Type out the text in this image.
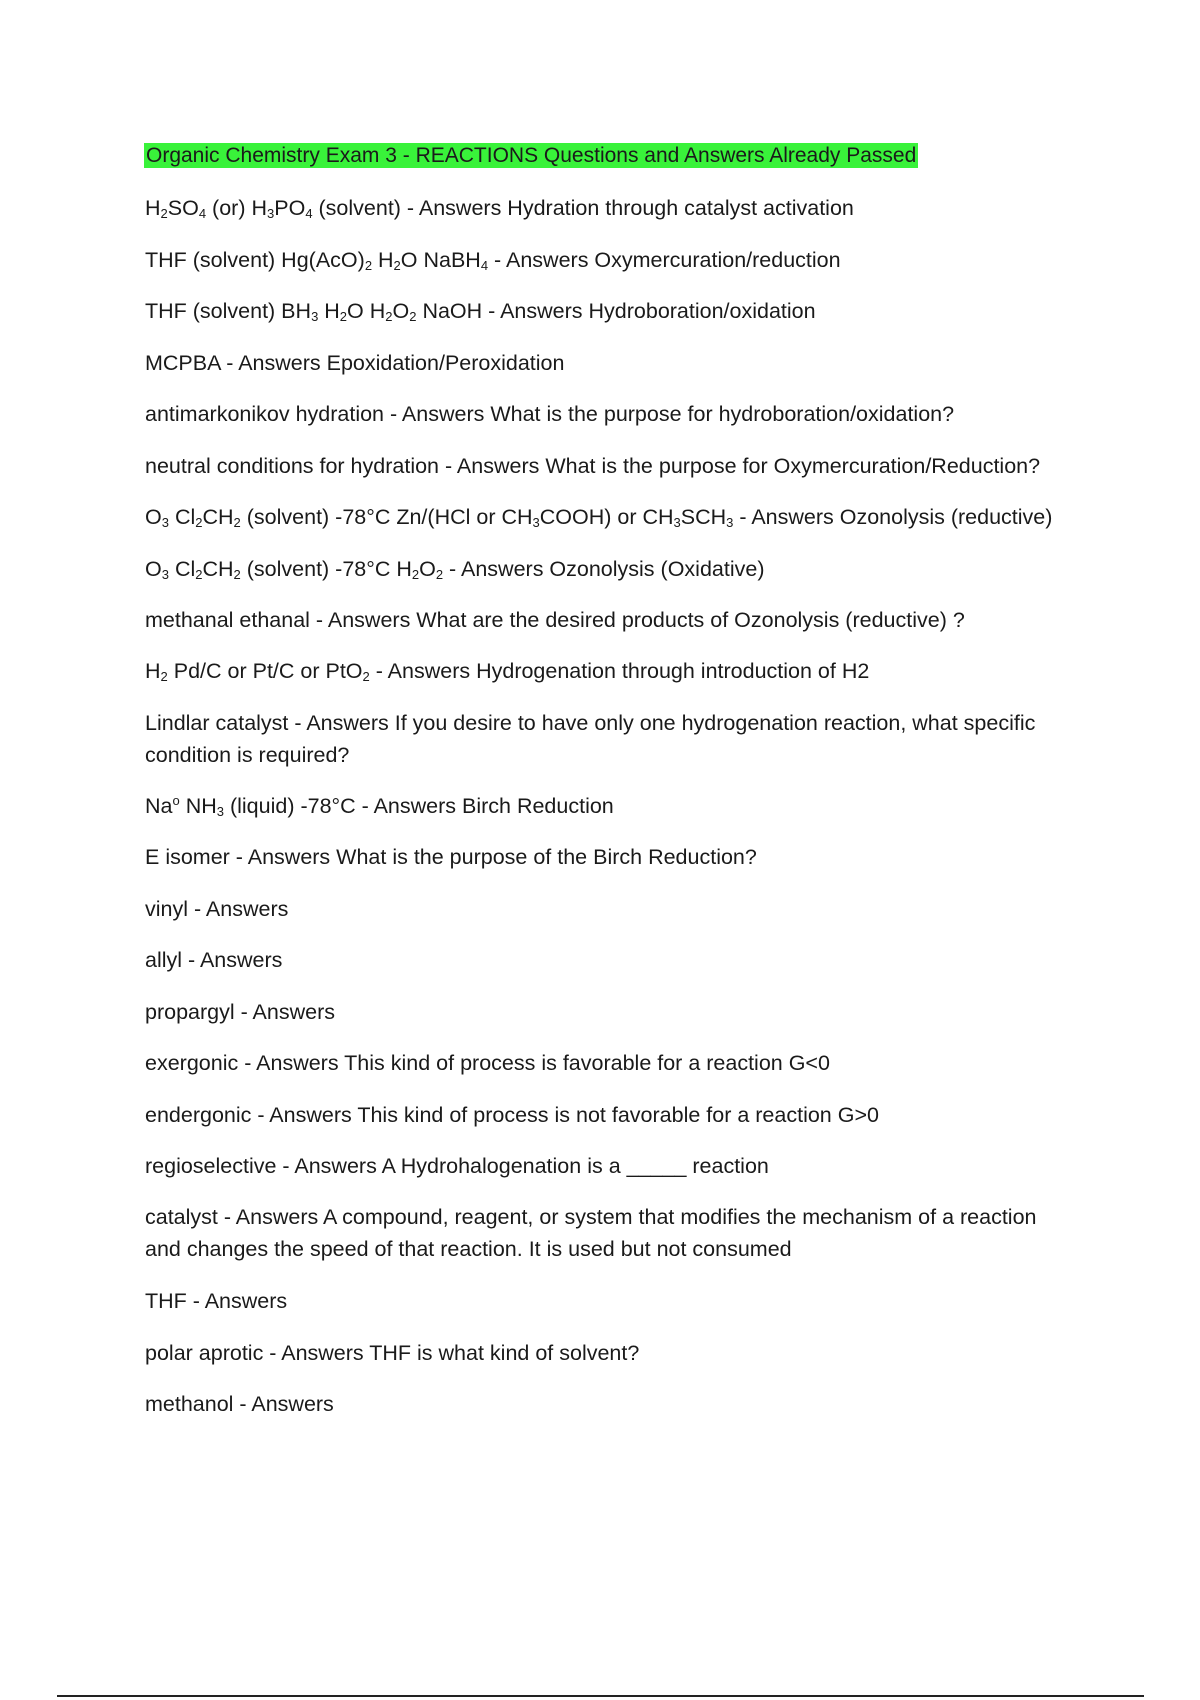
Organic Chemistry Exam 3 - REACTIONS Questions and Answers Already Passed
$H_2SO_4$ (or) $H_3PO_4$ (solvent) - Answers Hydration through catalyst activation
THF (solvent) $Hg(AcO)_2$ $H_2O$ NaBH$_4$ - Answers Oxymercuration/reduction
THF (solvent) $BH_3$ $H_2O$ $H_2O_2$ NaOH - Answers Hydroboration/oxidation
MCPBA - Answers Epoxidation/Peroxidation
antimarkonikov hydration - Answers What is the purpose for hydroboration/oxidation?
neutral conditions for hydration - Answers What is the purpose for Oxymercuration/Reduction?
$O_3$ $Cl_2CH_2$ (solvent) -78°C Zn/(HCl or $CH_3COOH$) or $CH_3SCH_3$ - Answers Ozonolysis (reductive)
$O_3$ $Cl_2CH_2$ (solvent) -78°C $H_2O_2$ - Answers Ozonolysis (Oxidative)
methanal ethanal - Answers What are the desired products of Ozonolysis (reductive) ?
$H_2$ Pd/C or Pt/C or PtO$_2$ - Answers Hydrogenation through introduction of H2
Lindlar catalyst - Answers If you desire to have only one hydrogenation reaction, what specific condition is required?
Na$^o$ $NH_3$ (liquid) -78°C - Answers Birch Reduction
E isomer - Answers What is the purpose of the Birch Reduction?
vinyl - Answers
allyl - Answers
propargyl - Answers
exergonic - Answers This kind of process is favorable for a reaction G<0
endergonic - Answers This kind of process is not favorable for a reaction G>0
regioselective - Answers A Hydrohalogenation is a _____ reaction
catalyst - Answers A compound, reagent, or system that modifies the mechanism of a reaction and changes the speed of that reaction. It is used but not consumed
THF - Answers
polar aprotic - Answers THF is what kind of solvent?
methanol - Answers
